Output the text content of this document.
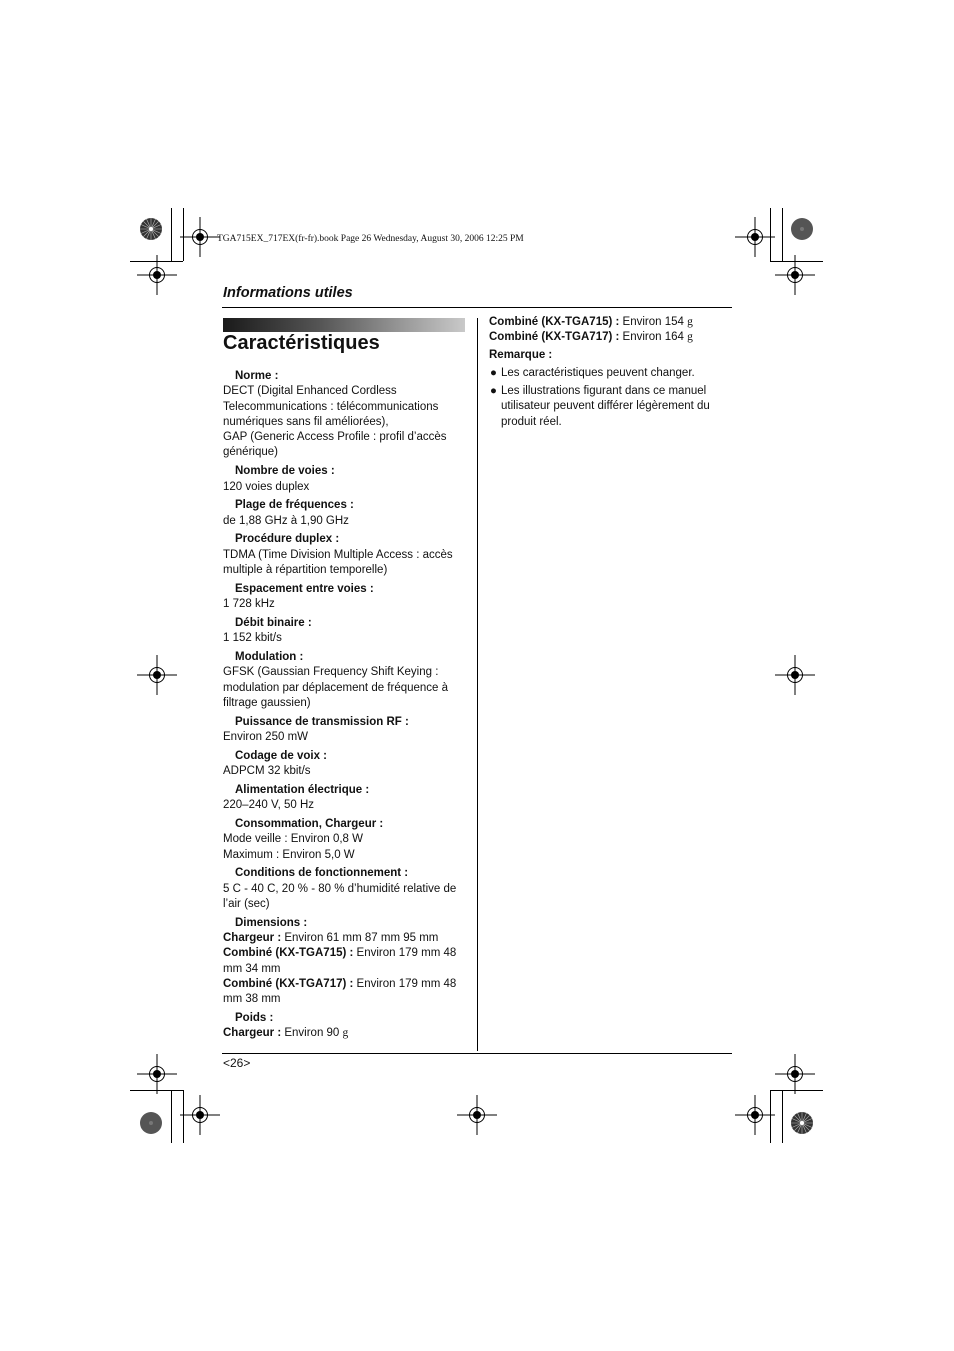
TGA715EX_717EX(fr-fr).book Page 26 Wednesday, August 30, 2006 12:25 PM
Informations utiles
Caractéristiques
Norme :
DECT (Digital Enhanced Cordless Telecommunications : télécommunications numériques sans fil améliorées),
GAP (Generic Access Profile : profil d’accès générique)
Nombre de voies :
120 voies duplex
Plage de fréquences :
de 1,88 GHz à 1,90 GHz
Procédure duplex :
TDMA (Time Division Multiple Access : accès multiple à répartition temporelle)
Espacement entre voies :
1 728 kHz
Débit binaire :
1 152 kbit/s
Modulation :
GFSK (Gaussian Frequency Shift Keying : modulation par déplacement de fréquence à filtrage gaussien)
Puissance de transmission RF :
Environ 250 mW
Codage de voix :
ADPCM 32 kbit/s
Alimentation électrique :
220–240 V, 50 Hz
Consommation, Chargeur :
Mode veille : Environ 0,8 W
Maximum : Environ 5,0 W
Conditions de fonctionnement :
5 C - 40 C, 20 % - 80 % d’humidité relative de l’air (sec)
Dimensions :
Chargeur : Environ 61 mm 87 mm 95 mm
Combiné (KX-TGA715) : Environ 179 mm 48 mm 34 mm
Combiné (KX-TGA717) : Environ 179 mm 48 mm 38 mm
Poids :
Chargeur : Environ 90 g
Combiné (KX-TGA715) : Environ 154 g
Combiné (KX-TGA717) : Environ 164 g
Remarque :
● Les caractéristiques peuvent changer.
● Les illustrations figurant dans ce manuel utilisateur peuvent différer légèrement du produit réel.
<26>
